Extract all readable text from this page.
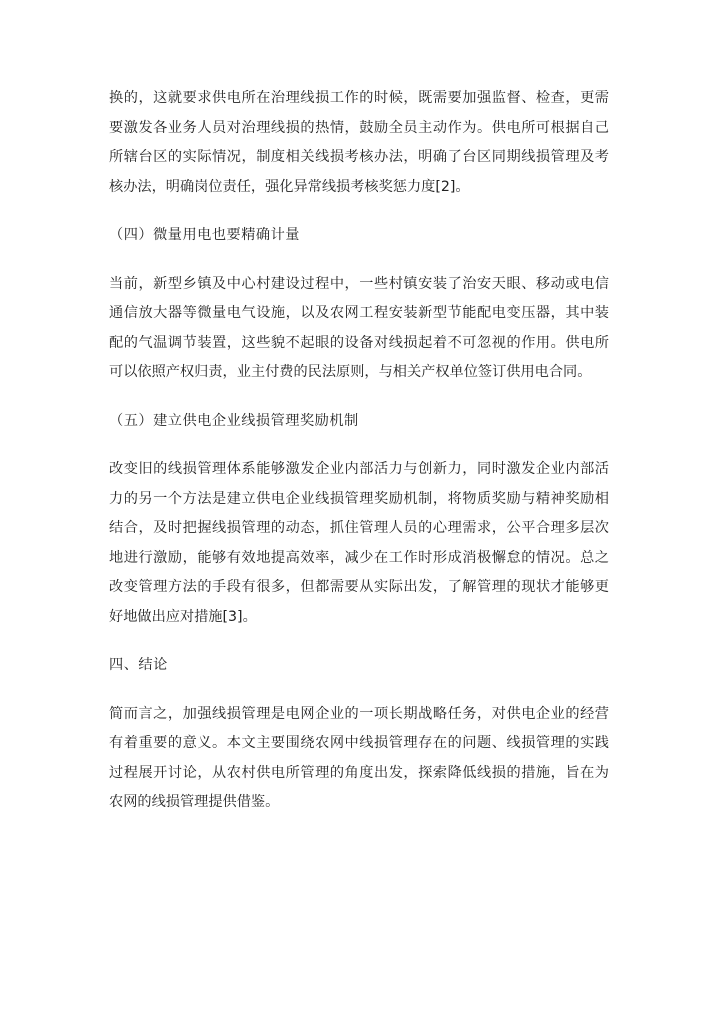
换的，这就要求供电所在治理线损工作的时候，既需要加强监督、检查，更需
要激发各业务人员对治理线损的热情，鼓励全员主动作为。供电所可根据自己
所辖台区的实际情况，制度相关线损考核办法，明确了台区同期线损管理及考
核办法，明确岗位责任，强化异常线损考核奖惩力度[2]。
（四）微量用电也要精确计量
当前，新型乡镇及中心村建设过程中，一些村镇安装了治安天眼、移动或电信
通信放大器等微量电气设施，以及农网工程安装新型节能配电变压器，其中装
配的气温调节装置，这些貌不起眼的设备对线损起着不可忽视的作用。供电所
可以依照产权归责，业主付费的民法原则，与相关产权单位签订供用电合同。
（五）建立供电企业线损管理奖励机制
改变旧的线损管理体系能够激发企业内部活力与创新力，同时激发企业内部活
力的另一个方法是建立供电企业线损管理奖励机制，将物质奖励与精神奖励相
结合，及时把握线损管理的动态，抓住管理人员的心理需求，公平合理多层次
地进行激励，能够有效地提高效率，减少在工作时形成消极懈怠的情况。总之
改变管理方法的手段有很多，但都需要从实际出发，了解管理的现状才能够更
好地做出应对措施[3]。
四、结论
简而言之，加强线损管理是电网企业的一项长期战略任务，对供电企业的经营
有着重要的意义。本文主要围绕农网中线损管理存在的问题、线损管理的实践
过程展开讨论，从农村供电所管理的角度出发，探索降低线损的措施，旨在为
农网的线损管理提供借鉴。
